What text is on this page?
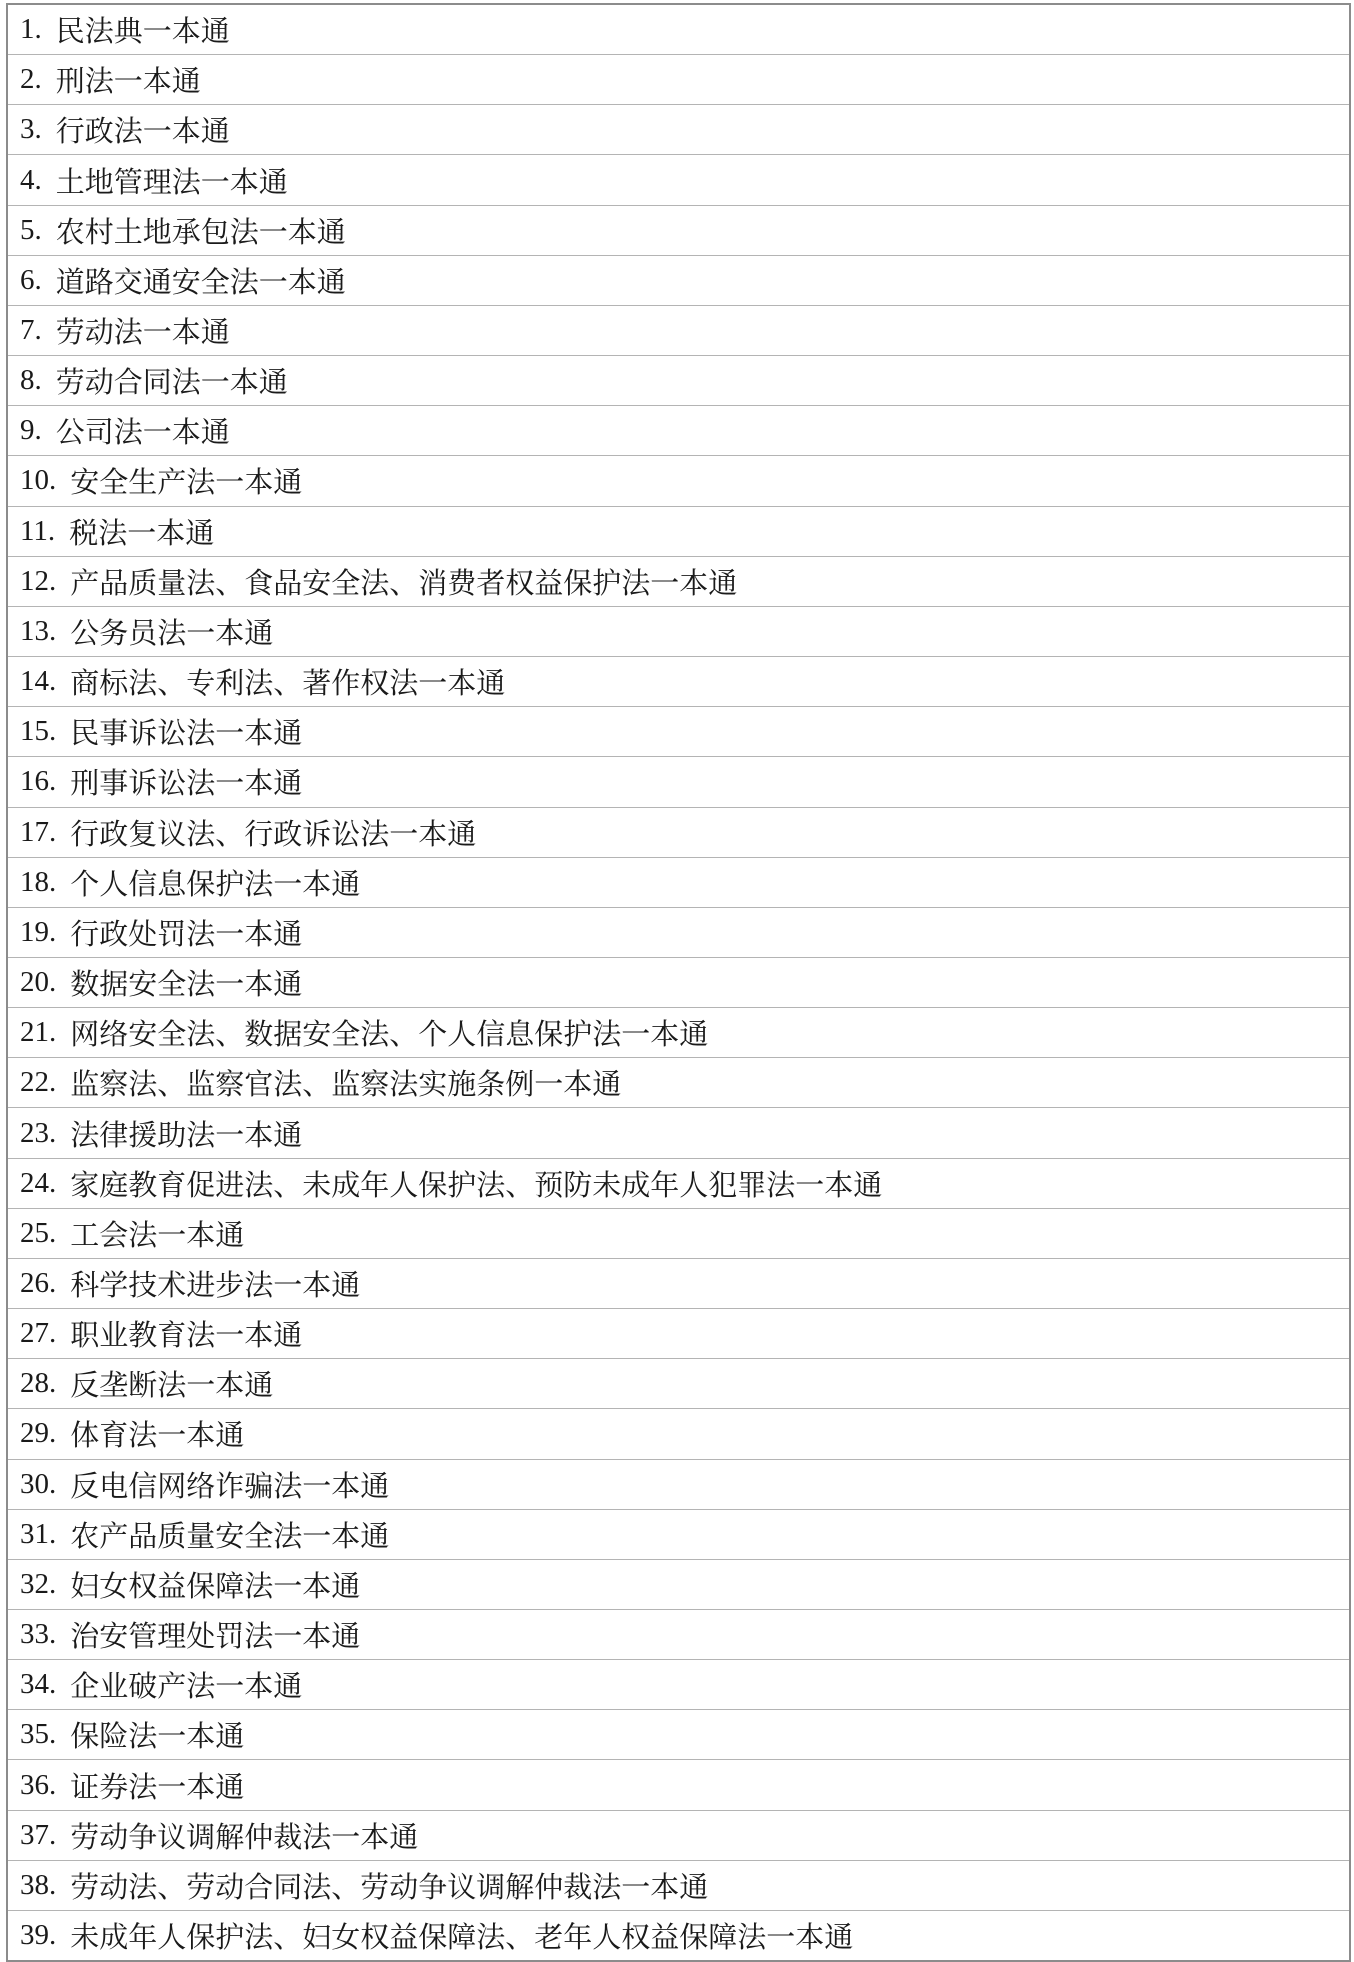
1. 民法典一本通
2. 刑法一本通
3. 行政法一本通
4. 土地管理法一本通
5. 农村土地承包法一本通
6. 道路交通安全法一本通
7. 劳动法一本通
8. 劳动合同法一本通
9. 公司法一本通
10. 安全生产法一本通
11. 税法一本通
12. 产品质量法、食品安全法、消费者权益保护法一本通
13. 公务员法一本通
14. 商标法、专利法、著作权法一本通
15. 民事诉讼法一本通
16. 刑事诉讼法一本通
17. 行政复议法、行政诉讼法一本通
18. 个人信息保护法一本通
19. 行政处罚法一本通
20. 数据安全法一本通
21. 网络安全法、数据安全法、个人信息保护法一本通
22. 监察法、监察官法、监察法实施条例一本通
23. 法律援助法一本通
24. 家庭教育促进法、未成年人保护法、预防未成年人犯罪法一本通
25. 工会法一本通
26. 科学技术进步法一本通
27. 职业教育法一本通
28. 反垄断法一本通
29. 体育法一本通
30. 反电信网络诈骗法一本通
31. 农产品质量安全法一本通
32. 妇女权益保障法一本通
33. 治安管理处罚法一本通
34. 企业破产法一本通
35. 保险法一本通
36. 证券法一本通
37. 劳动争议调解仲裁法一本通
38. 劳动法、劳动合同法、劳动争议调解仲裁法一本通
39. 未成年人保护法、妇女权益保障法、老年人权益保障法一本通
